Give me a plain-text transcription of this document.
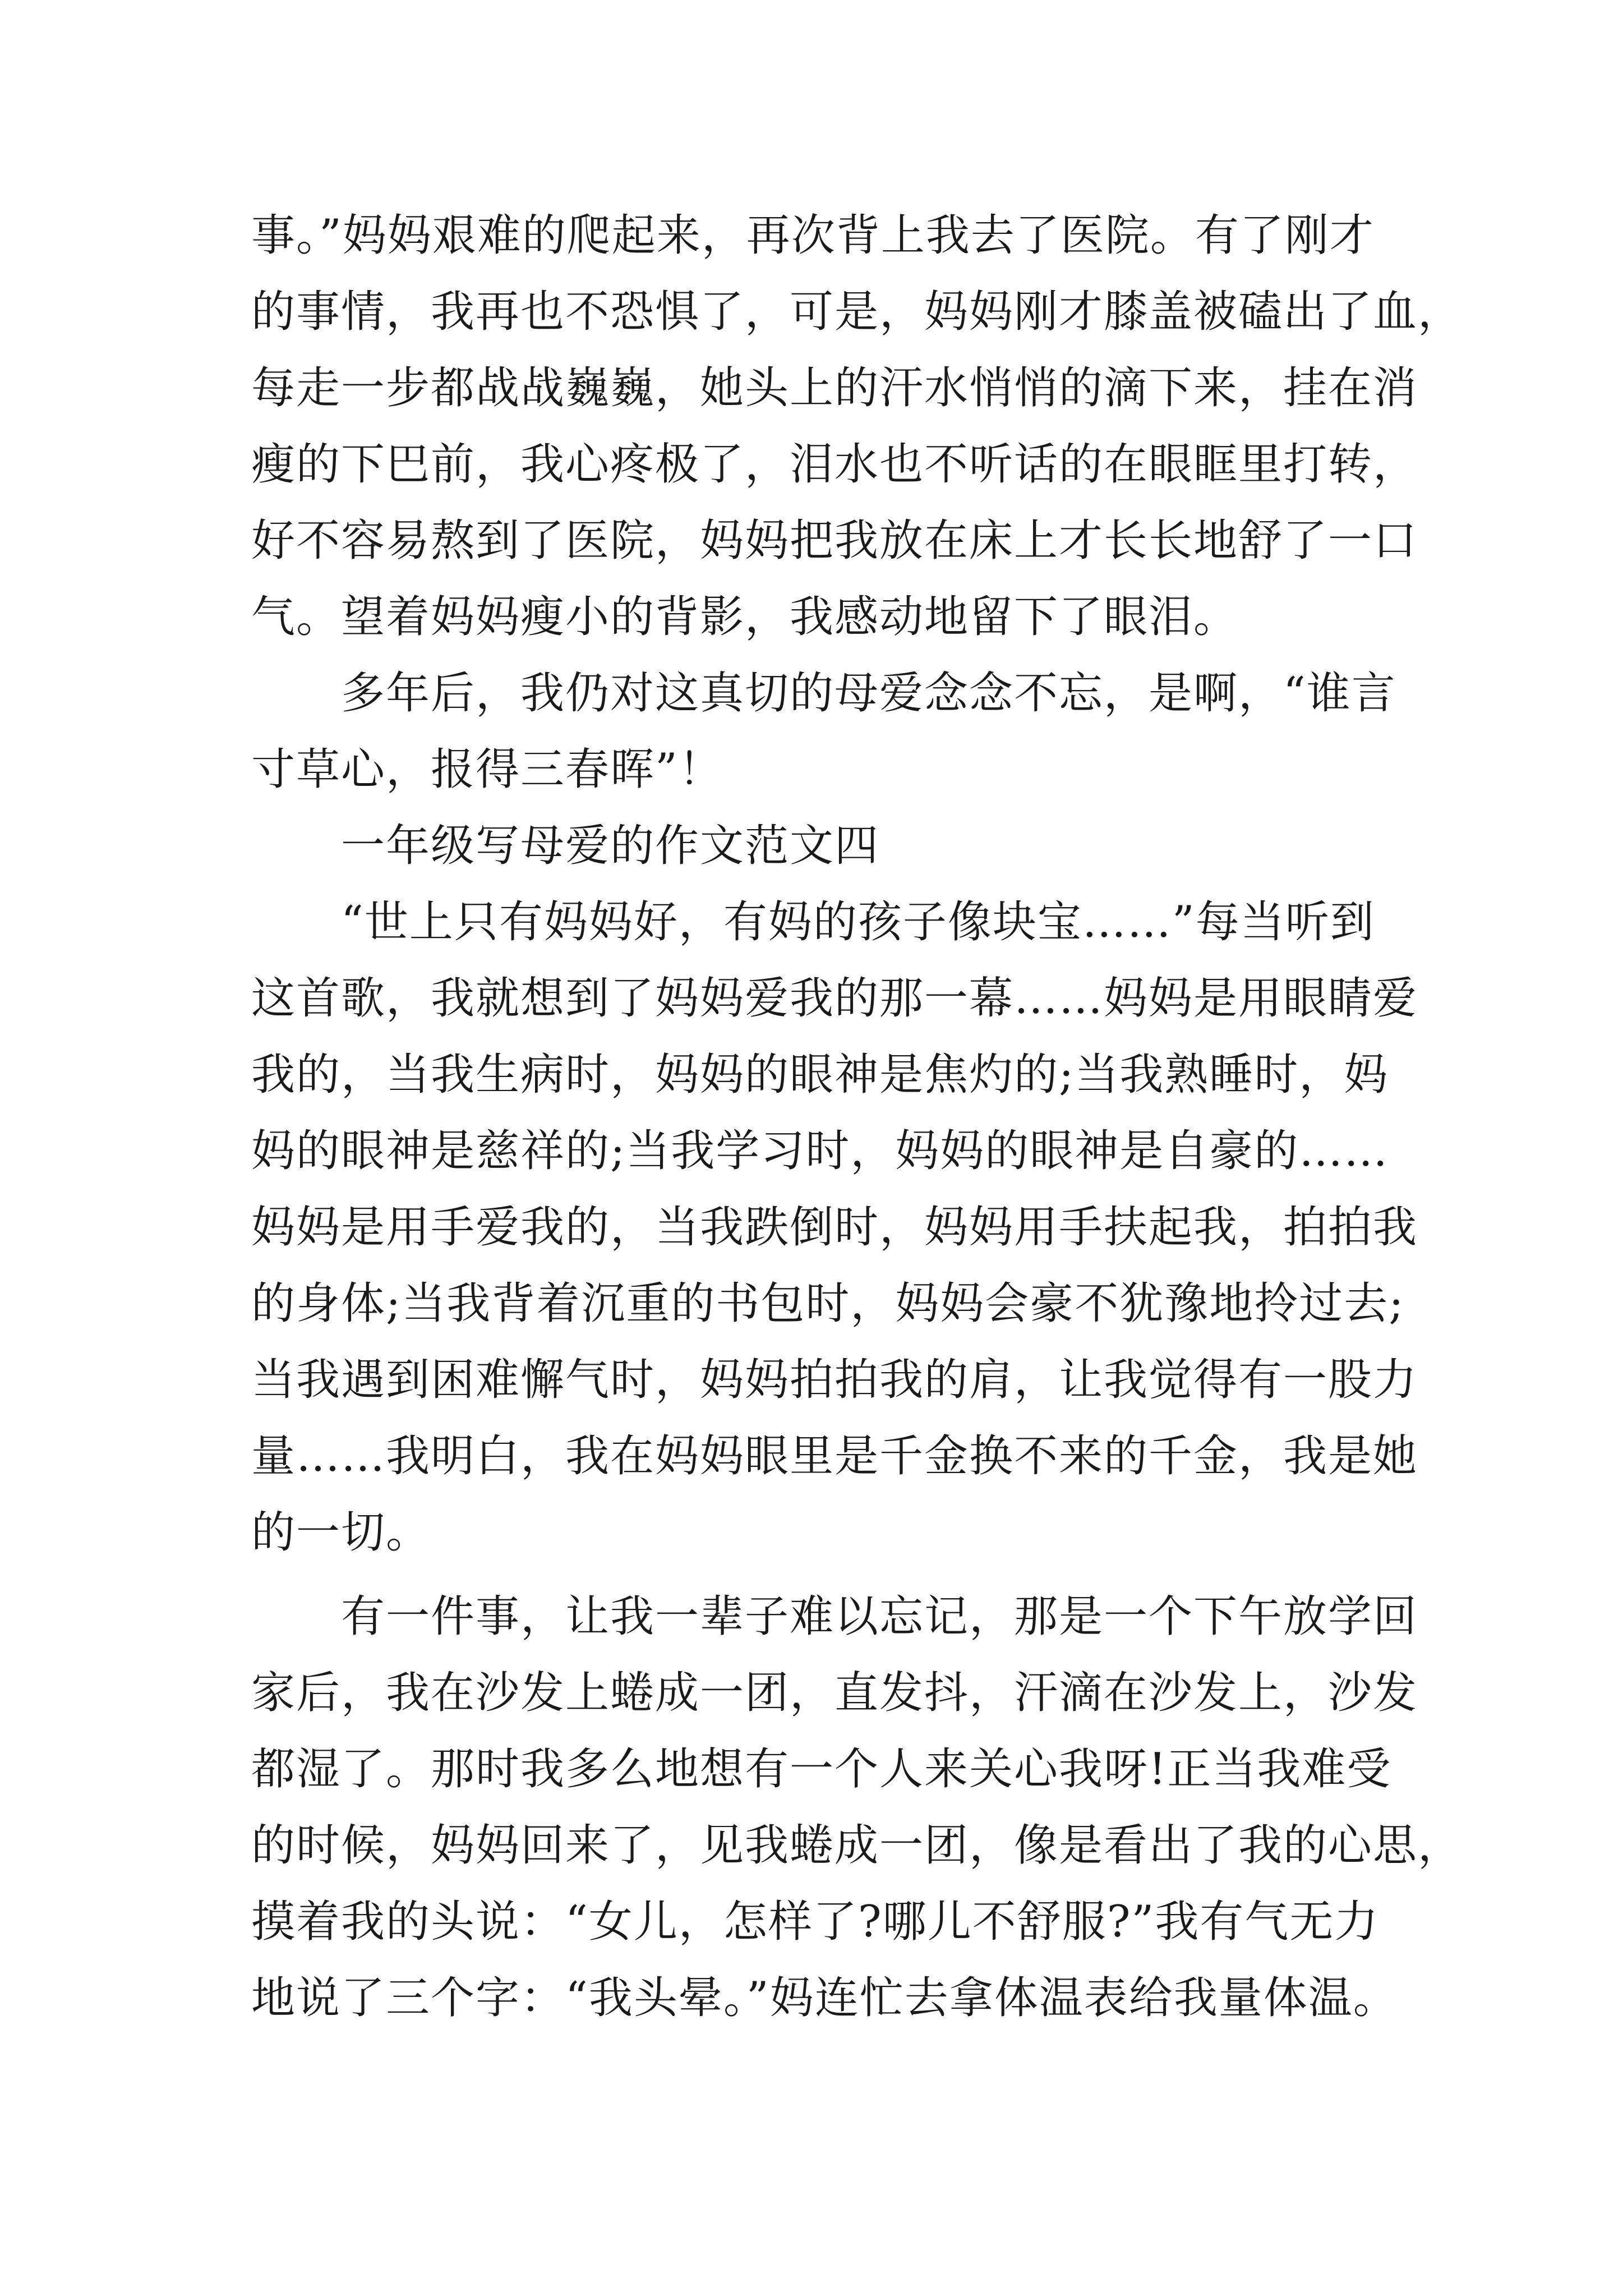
事。”妈妈艰难的爬起来，再次背上我去了医院。有了刚才
的事情，我再也不恐惧了，可是，妈妈刚才膝盖被磕出了血，
每走一步都战战巍巍，她头上的汗水悄悄的滴下来，挂在消
瘦的下巴前，我心疼极了，泪水也不听话的在眼眶里打转，
好不容易熬到了医院，妈妈把我放在床上才长长地舒了一口
气。望着妈妈瘦小的背影，我感动地留下了眼泪。
　　多年后，我仍对这真切的母爱念念不忘，是啊，“谁言
寸草心，报得三春晖”！
　　一年级写母爱的作文范文四
　　“世上只有妈妈好，有妈的孩子像块宝……”每当听到
这首歌，我就想到了妈妈爱我的那一幕……妈妈是用眼睛爱
我的，当我生病时，妈妈的眼神是焦灼的;当我熟睡时，妈
妈的眼神是慈祥的;当我学习时，妈妈的眼神是自豪的……
妈妈是用手爱我的，当我跌倒时，妈妈用手扶起我，拍拍我
的身体;当我背着沉重的书包时，妈妈会豪不犹豫地拎过去;
当我遇到困难懈气时，妈妈拍拍我的肩，让我觉得有一股力
量……我明白，我在妈妈眼里是千金换不来的千金，我是她
的一切。
　　有一件事，让我一辈子难以忘记，那是一个下午放学回
家后，我在沙发上蜷成一团，直发抖，汗滴在沙发上，沙发
都湿了。那时我多么地想有一个人来关心我呀!正当我难受
的时候，妈妈回来了，见我蜷成一团，像是看出了我的心思，
摸着我的头说：“女儿，怎样了?哪儿不舒服?”我有气无力
地说了三个字：“我头晕。”妈连忙去拿体温表给我量体温。
